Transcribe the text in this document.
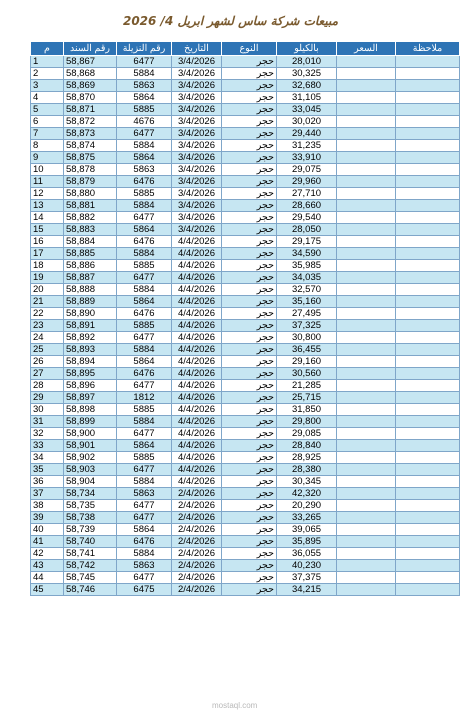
مبيعات شركة ساس لشهر ابريل 4/ 2026
م	رقم السند	رقم النزيلة	التاريخ	النوع	بالكيلو	السعر	ملاحظة
1	58,867	6477	3/4/2026	حجر	28,010		
2	58,868	5884	3/4/2026	حجر	30,325		
3	58,869	5863	3/4/2026	حجر	32,680		
4	58,870	5864	3/4/2026	حجر	31,105		
5	58,871	5885	3/4/2026	حجر	33,045		
6	58,872	4676	3/4/2026	حجر	30,020		
7	58,873	6477	3/4/2026	حجر	29,440		
8	58,874	5884	3/4/2026	حجر	31,235		
9	58,875	5864	3/4/2026	حجر	33,910		
10	58,878	5863	3/4/2026	حجر	29,075		
11	58,879	6476	3/4/2026	حجر	29,960		
12	58,880	5885	3/4/2026	حجر	27,710		
13	58,881	5884	3/4/2026	حجر	28,660		
14	58,882	6477	3/4/2026	حجر	29,540		
15	58,883	5864	3/4/2026	حجر	28,050		
16	58,884	6476	4/4/2026	حجر	29,175		
17	58,885	5884	4/4/2026	حجر	34,590		
18	58,886	5885	4/4/2026	حجر	35,985		
19	58,887	6477	4/4/2026	حجر	34,035		
20	58,888	5884	4/4/2026	حجر	32,570		
21	58,889	5864	4/4/2026	حجر	35,160		
22	58,890	6476	4/4/2026	حجر	27,495		
23	58,891	5885	4/4/2026	حجر	37,325		
24	58,892	6477	4/4/2026	حجر	30,800		
25	58,893	5884	4/4/2026	حجر	36,455		
26	58,894	5864	4/4/2026	حجر	29,160		
27	58,895	6476	4/4/2026	حجر	30,560		
28	58,896	6477	4/4/2026	حجر	21,285		
29	58,897	1812	4/4/2026	حجر	25,715		
30	58,898	5885	4/4/2026	حجر	31,850		
31	58,899	5884	4/4/2026	حجر	29,800		
32	58,900	6477	4/4/2026	حجر	29,085		
33	58,901	5864	4/4/2026	حجر	28,840		
34	58,902	5885	4/4/2026	حجر	28,925		
35	58,903	6477	4/4/2026	حجر	28,380		
36	58,904	5884	4/4/2026	حجر	30,345		
37	58,734	5863	2/4/2026	حجر	42,320		
38	58,735	6477	2/4/2026	حجر	20,290		
39	58,738	6477	2/4/2026	حجر	33,265		
40	58,739	5864	2/4/2026	حجر	39,065		
41	58,740	6476	2/4/2026	حجر	35,895		
42	58,741	5884	2/4/2026	حجر	36,055		
43	58,742	5863	2/4/2026	حجر	40,230		
44	58,745	6477	2/4/2026	حجر	37,375		
45	58,746	6475	2/4/2026	حجر	34,215		
mostaql.com
